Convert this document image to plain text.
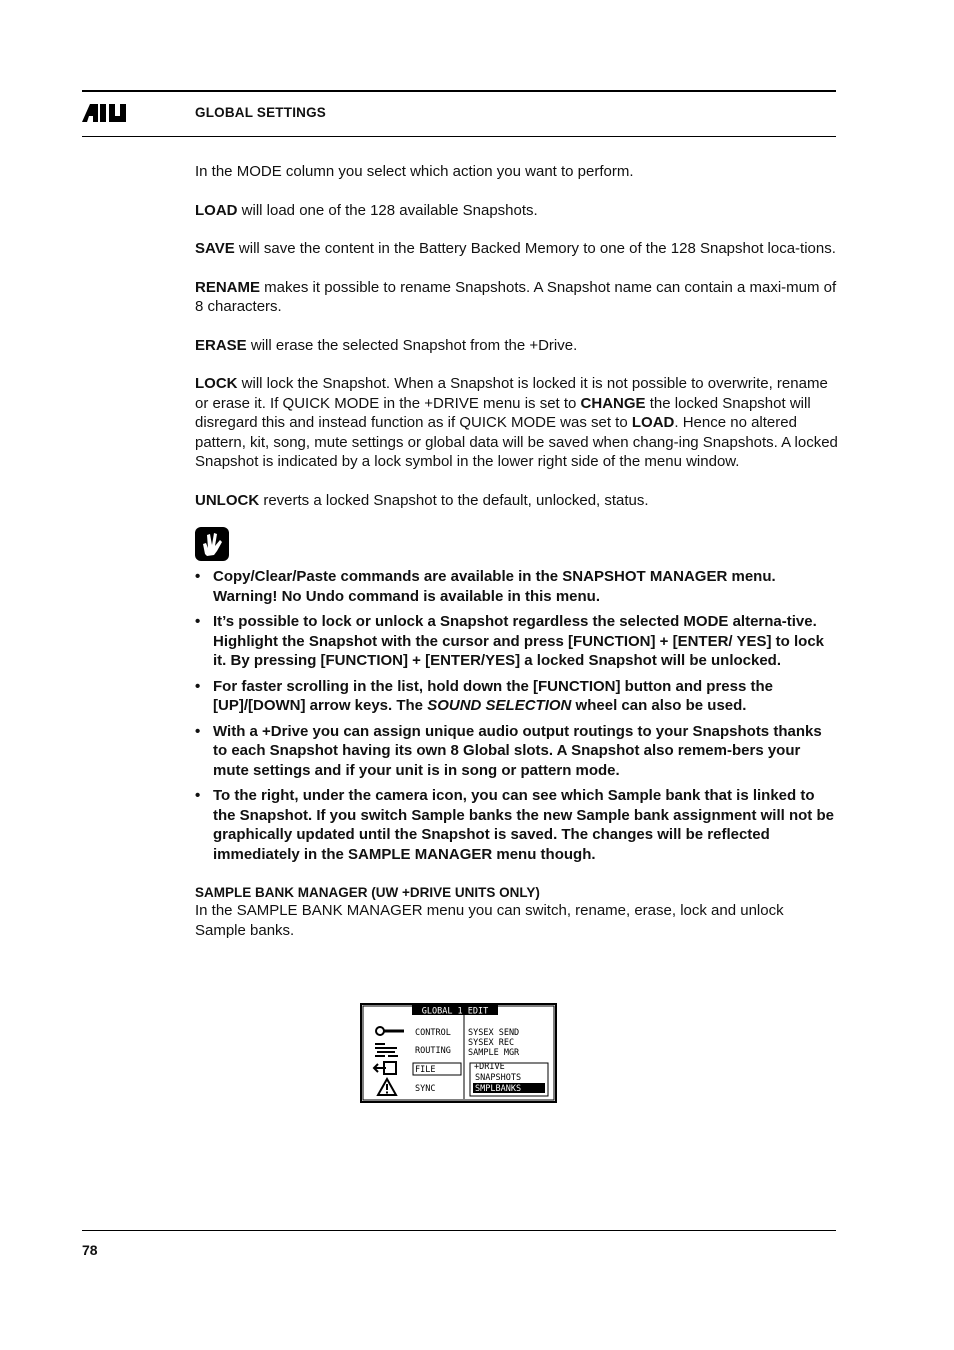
GLOBAL SETTINGS

In the MODE column you select which action you want to perform.

LOAD will load one of the 128 available Snapshots.

SAVE will save the content in the Battery Backed Memory to one of the 128 Snapshot loca-tions.

RENAME makes it possible to rename Snapshots. A Snapshot name can contain a maxi-mum of 8 characters.

ERASE will erase the selected Snapshot from the +Drive.

LOCK will lock the Snapshot. When a Snapshot is locked it is not possible to overwrite, rename or erase it. If QUICK MODE in the +DRIVE menu is set to CHANGE the locked Snapshot will disregard this and instead function as if QUICK MODE was set to LOAD. Hence no altered pattern, kit, song, mute settings or global data will be saved when chang-ing Snapshots. A locked Snapshot is indicated by a lock symbol in the lower right side of the menu window.

UNLOCK reverts a locked Snapshot to the default, unlocked, status.

• Copy/Clear/Paste commands are available in the SNAPSHOT MANAGER menu. Warning! No Undo command is available in this menu.
• It’s possible to lock or unlock a Snapshot regardless the selected MODE alterna-tive. Highlight the Snapshot with the cursor and press [FUNCTION] + [ENTER/ YES] to lock it. By pressing [FUNCTION] + [ENTER/YES] a locked Snapshot will be unlocked.
• For faster scrolling in the list, hold down the [FUNCTION] button and press the [UP]/[DOWN] arrow keys. The SOUND SELECTION wheel can also be used.
• With a +Drive you can assign unique audio output routings to your Snapshots thanks to each Snapshot having its own 8 Global slots. A Snapshot also remem-bers your mute settings and if your unit is in song or pattern mode.
• To the right, under the camera icon, you can see which Sample bank that is linked to the Snapshot. If you switch Sample banks the new Sample bank assignment will not be graphically updated until the Snapshot is saved. The changes will be reflected immediately in the SAMPLE MANAGER menu though.
SAMPLE BANK MANAGER (UW +DRIVE UNITS ONLY)

In the SAMPLE BANK MANAGER menu you can switch, rename, erase, lock and unlock Sample banks.

GLOBAL 1 EDIT
CONTROL
ROUTING
FILE
SYNC
SYSEX SEND
SYSEX REC
SAMPLE MGR
+DRIVE
SNAPSHOTS
SMPLBANKS
78
